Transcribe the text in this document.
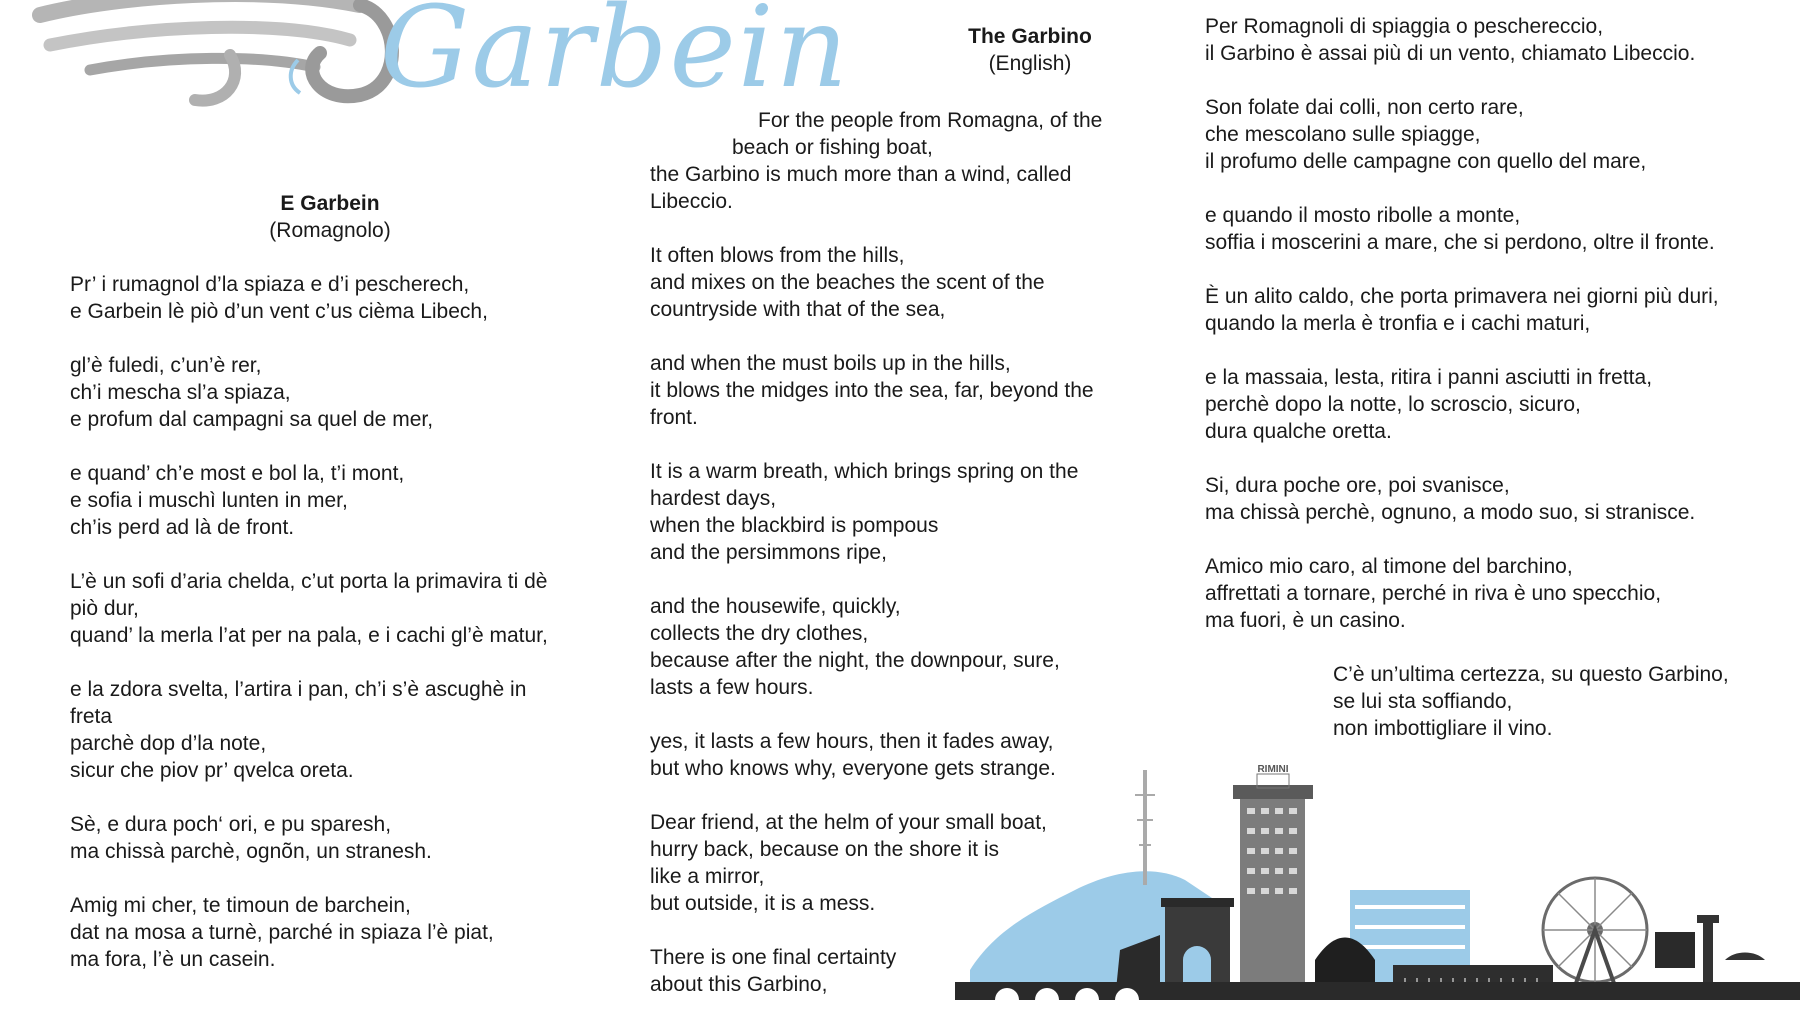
Garbein
E Garbein
(Romagnolo)
Pr’ i rumagnol d’la spiaza e d’i pescherech,
e Garbein lè piò d’un vent c’us cièma Libech,
gl’è fuledi, c’un’è rer,
ch’i mescha sl’a spiaza,
e profum dal campagni sa quel de mer,
e quand’ ch’e most e bol la, t’i mont,
e sofia i muschì lunten in mer,
ch’is perd ad là de front.
L’è un sofi d’aria chelda, c’ut porta la primavira ti dè
piò dur,
quand’ la merla l’at per na pala, e i cachi gl’è matur,
e la zdora svelta, l’artira i pan, ch’i s’è ascughè in
freta
parchè dop d’la note,
sicur che piov pr’ qvelca oreta.
Sè, e dura poch‘ ori, e pu sparesh,
ma chissà parchè, ognõn, un stranesh.
Amig mi cher, te timoun de barchein,
dat na mosa a turnè, parché in spiaza l’è piat,
ma fora, l’è un casein.
The Garbino
(English)
For the people from Romagna, of the
beach or fishing boat,
the Garbino is much more than a wind, called
Libeccio.
It often blows from the hills,
and mixes on the beaches the scent of the
countryside with that of the sea,
and when the must boils up in the hills,
it blows the midges into the sea, far, beyond the
front.
It is a warm breath, which brings spring on the
hardest days,
when the blackbird is pompous
and the persimmons ripe,
and the housewife, quickly,
collects the dry clothes,
because after the night, the downpour, sure,
lasts a few hours.
yes, it lasts a few hours, then it fades away,
but who knows why, everyone gets strange.
Dear friend, at the helm of your small boat,
hurry back, because on the shore it is
like a mirror,
but outside, it is a mess.
There is one final certainty
about this Garbino,
Per Romagnoli di spiaggia o peschereccio,
il Garbino è assai più di un vento, chiamato Libeccio.
Son folate dai colli, non certo rare,
che mescolano sulle spiagge,
il profumo delle campagne con quello del mare,
e quando il mosto ribolle a monte,
soffia i moscerini a mare, che si perdono, oltre il fronte.
È un alito caldo, che porta primavera nei giorni più duri,
quando la merla è tronfia e i cachi maturi,
e la massaia, lesta, ritira i panni asciutti in fretta,
perchè dopo la notte, lo scroscio, sicuro,
dura qualche oretta.
Si, dura poche ore, poi svanisce,
ma chissà perchè, ognuno, a modo suo, si stranisce.
Amico mio caro, al timone del barchino,
affrettati a tornare, perché in riva è uno specchio,
ma fuori, è un casino.
C’è un’ultima certezza, su questo Garbino,
se lui sta soffiando,
non imbottigliare il vino.
RIMINI
